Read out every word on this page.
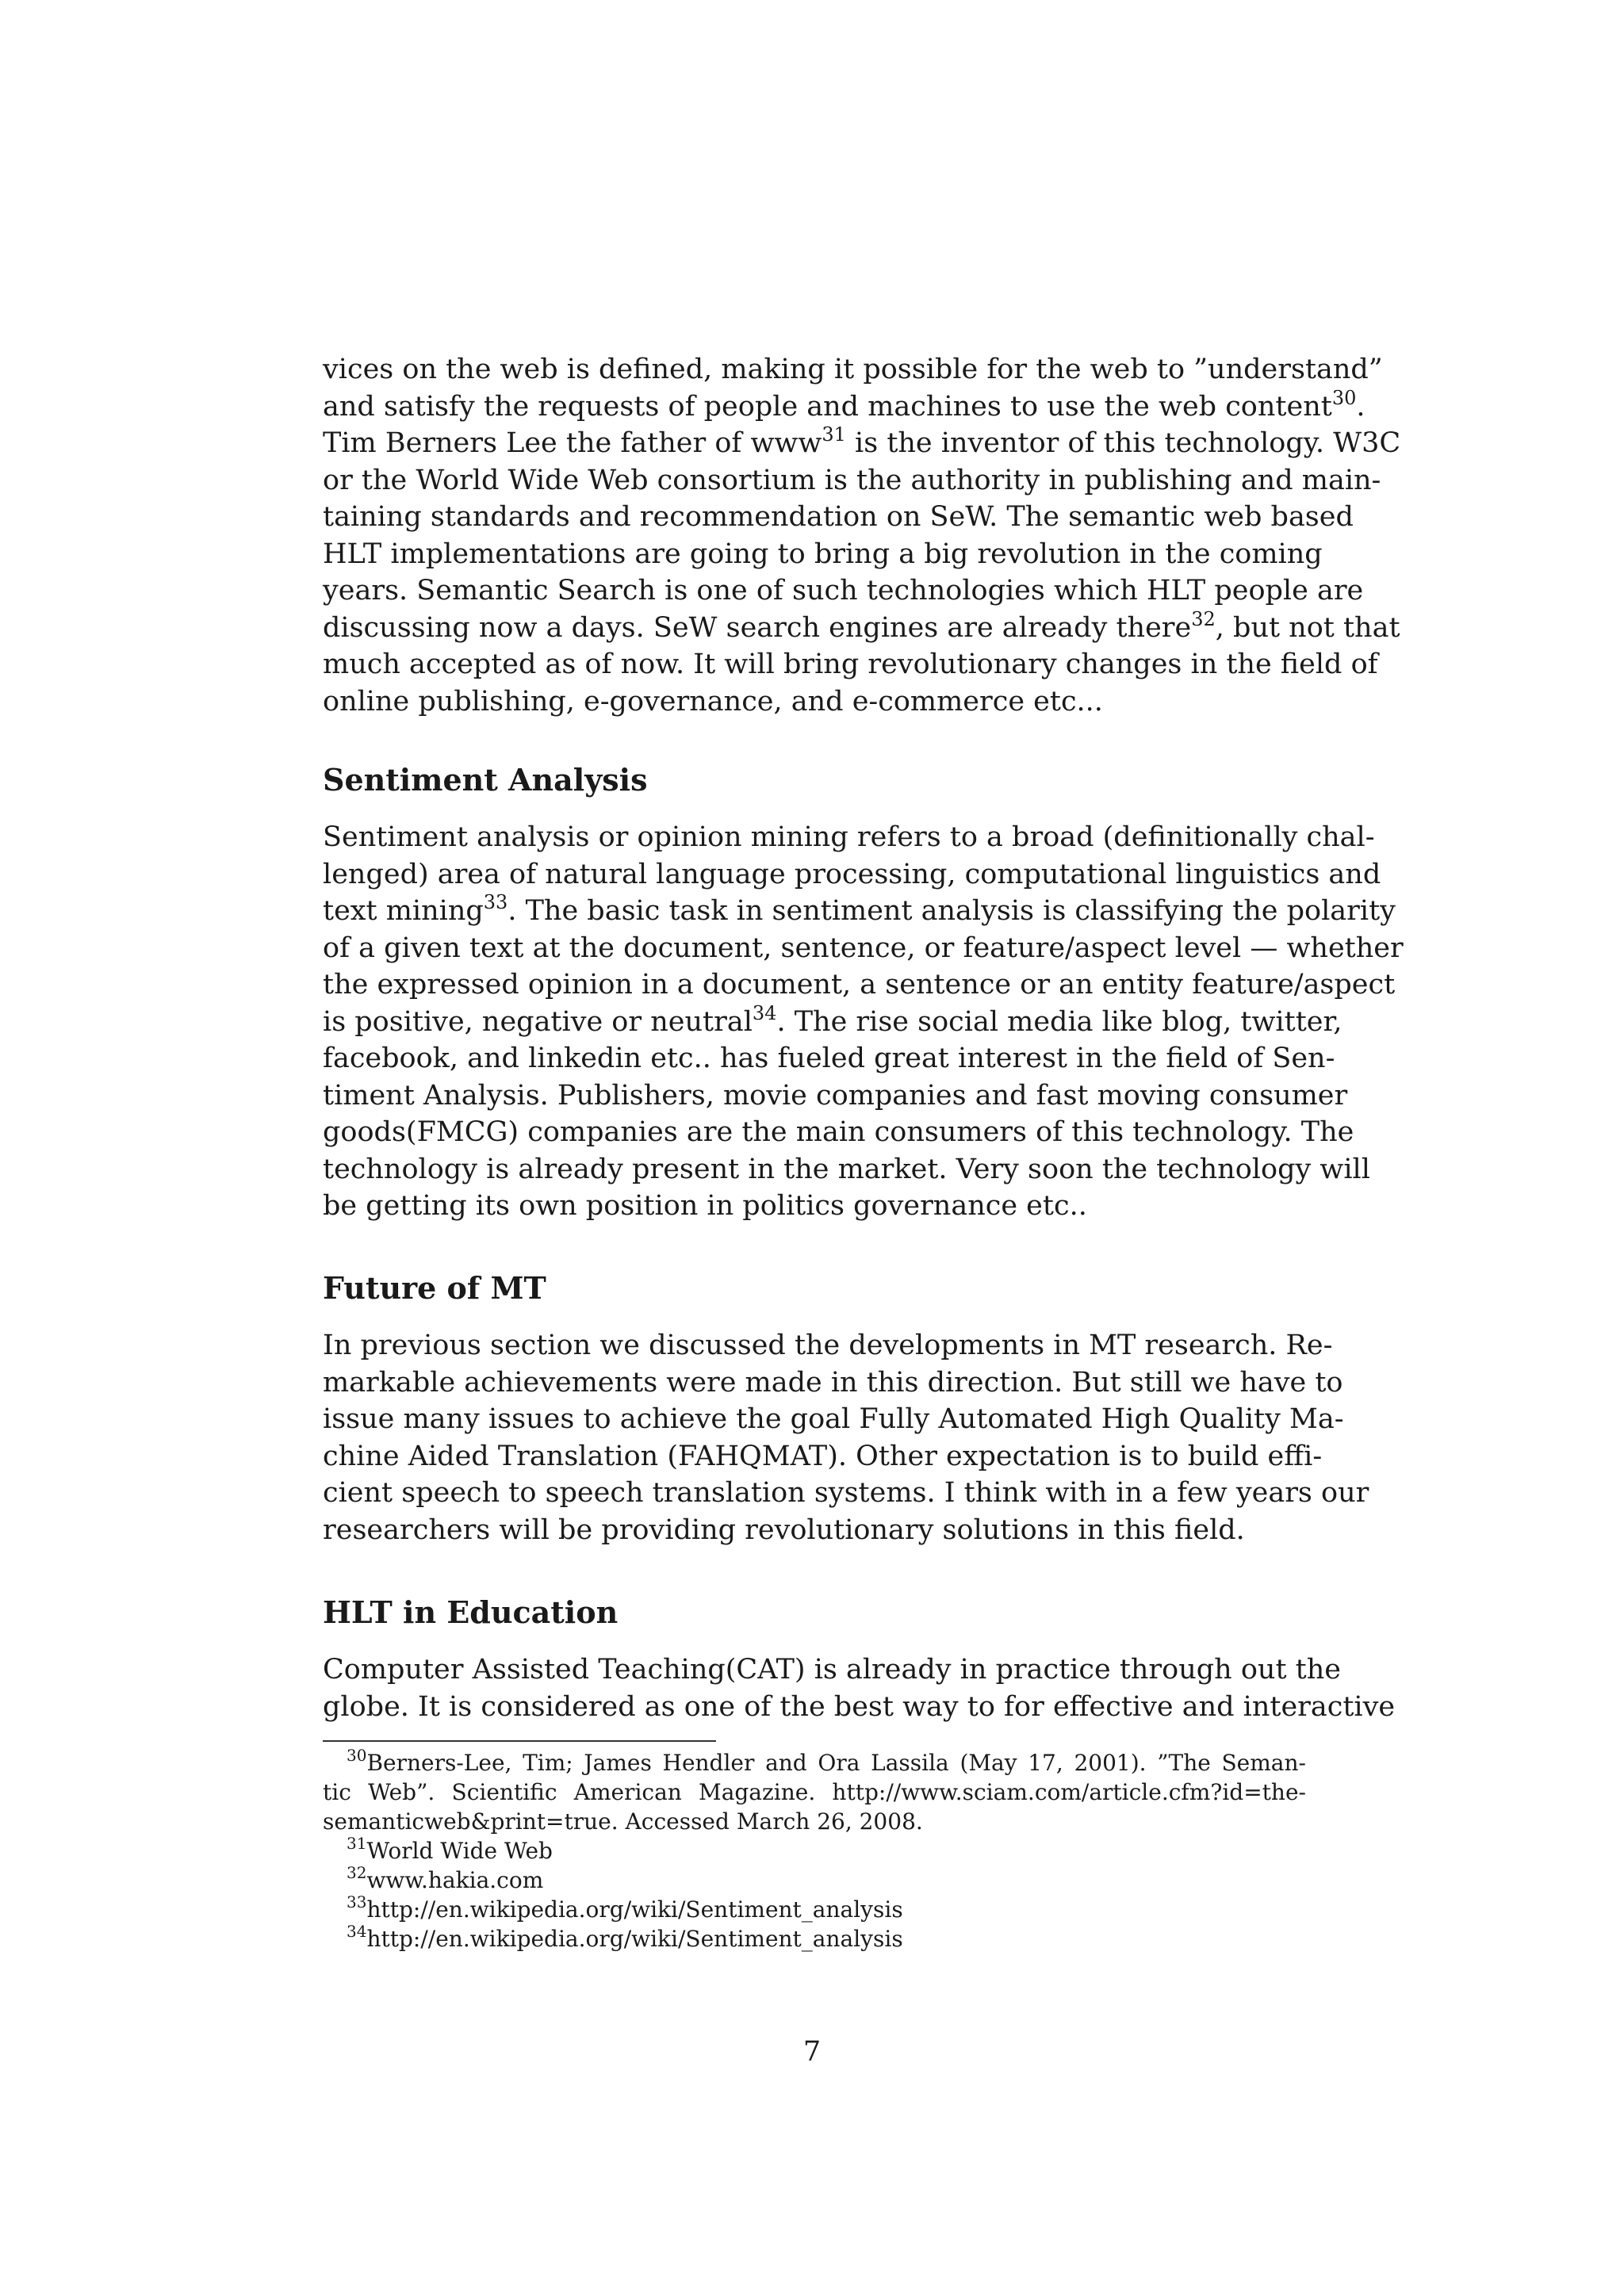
vices on the web is defined, making it possible for the web to ”understand”
and satisfy the requests of people and machines to use the web content$^{30}$.
Tim Berners Lee the father of www$^{31}$ is the inventor of this technology. W3C
or the World Wide Web consortium is the authority in publishing and main-
taining standards and recommendation on SeW. The semantic web based
HLT implementations are going to bring a big revolution in the coming
years. Semantic Search is one of such technologies which HLT people are
discussing now a days. SeW search engines are already there$^{32}$, but not that
much accepted as of now. It will bring revolutionary changes in the field of
online publishing, e-governance, and e-commerce etc...

Sentiment Analysis

Sentiment analysis or opinion mining refers to a broad (definitionally chal-
lenged) area of natural language processing, computational linguistics and
text mining$^{33}$. The basic task in sentiment analysis is classifying the polarity
of a given text at the document, sentence, or feature/aspect level — whether
the expressed opinion in a document, a sentence or an entity feature/aspect
is positive, negative or neutral$^{34}$. The rise social media like blog, twitter,
facebook, and linkedin etc.. has fueled great interest in the field of Sen-
timent Analysis. Publishers, movie companies and fast moving consumer
goods(FMCG) companies are the main consumers of this technology. The
technology is already present in the market. Very soon the technology will
be getting its own position in politics governance etc..

Future of MT

In previous section we discussed the developments in MT research. Re-
markable achievements were made in this direction. But still we have to
issue many issues to achieve the goal Fully Automated High Quality Ma-
chine Aided Translation (FAHQMAT). Other expectation is to build effi-
cient speech to speech translation systems. I think with in a few years our
researchers will be providing revolutionary solutions in this field.

HLT in Education

Computer Assisted Teaching(CAT) is already in practice through out the
globe. It is considered as one of the best way to for effective and interactive

$^{30}$Berners-Lee, Tim; James Hendler and Ora Lassila (May 17, 2001). ”The Seman-
tic Web”. Scientific American Magazine. http://www.sciam.com/article.cfm?id=the-
semanticweb&print=true. Accessed March 26, 2008.

$^{31}$World Wide Web

$^{32}$www.hakia.com

$^{33}$http://en.wikipedia.org/wiki/Sentiment_analysis

$^{34}$http://en.wikipedia.org/wiki/Sentiment_analysis

7
